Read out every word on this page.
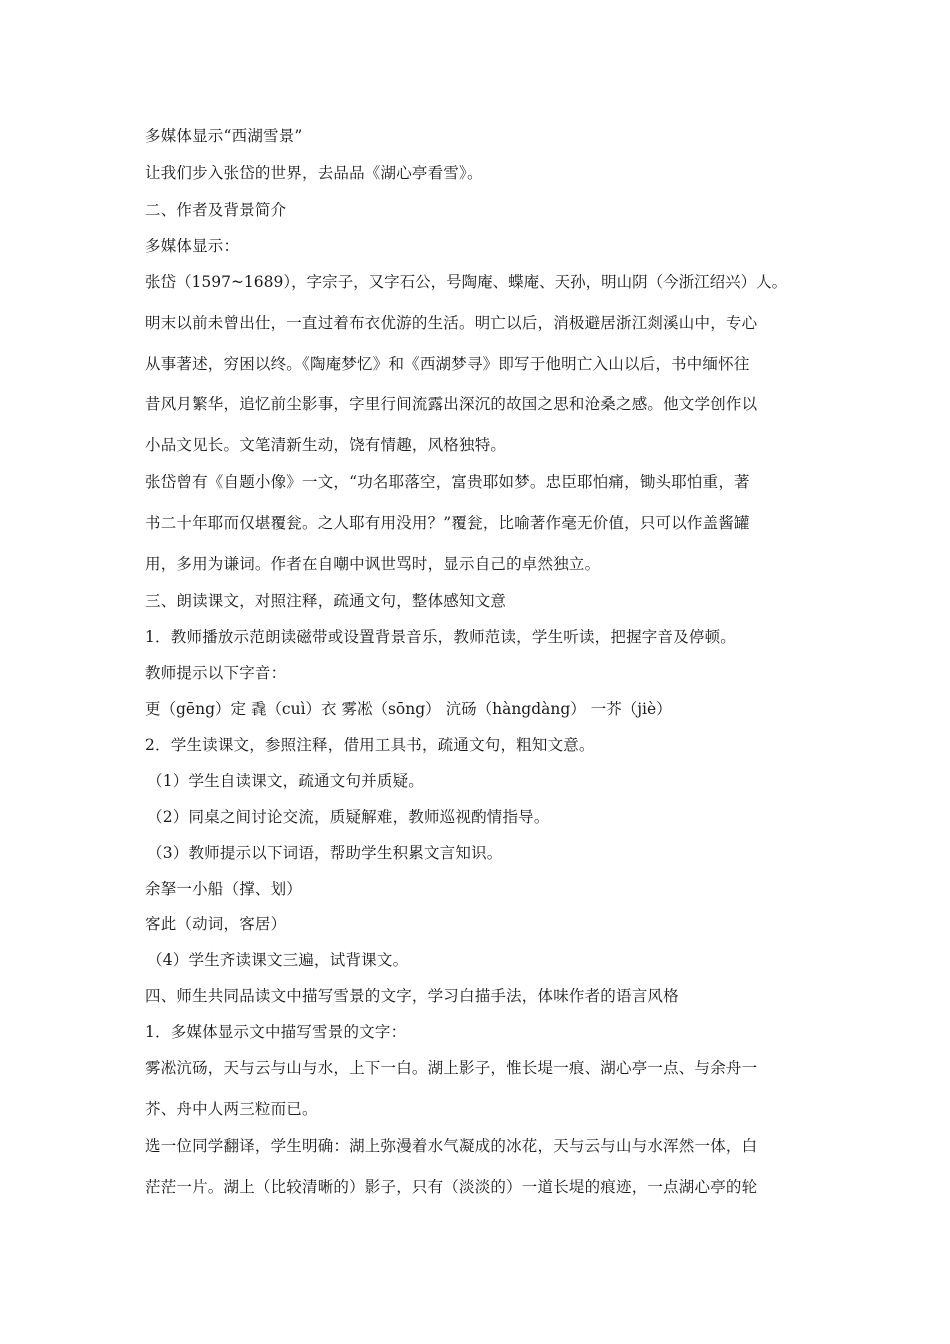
多媒体显示“西湖雪景”
让我们步入张岱的世界，去品品《湖心亭看雪》。
二、作者及背景简介
多媒体显示：
张岱（1597~1689），字宗子，又字石公，号陶庵、蝶庵、天孙，明山阴（今浙江绍兴）人。
明末以前未曾出仕，一直过着布衣优游的生活。明亡以后，消极避居浙江剡溪山中，专心
从事著述，穷困以终。《陶庵梦忆》和《西湖梦寻》即写于他明亡入山以后，书中缅怀往
昔风月繁华，追忆前尘影事，字里行间流露出深沉的故国之思和沧桑之感。他文学创作以
小品文见长。文笔清新生动，饶有情趣，风格独特。
张岱曾有《自题小像》一文，“功名耶落空，富贵耶如梦。忠臣耶怕痛，锄头耶怕重，著
书二十年耶而仅堪覆瓮。之人耶有用没用？”覆瓮，比喻著作毫无价值，只可以作盖酱罐
用，多用为谦词。作者在自嘲中讽世骂时，显示自己的卓然独立。
三、朗读课文，对照注释，疏通文句，整体感知文意
1．教师播放示范朗读磁带或设置背景音乐，教师范读，学生听读，把握字音及停顿。
教师提示以下字音：
更（gēng）定 毳（cuì）衣 雾凇（sōng） 沆砀（hàngdàng） 一芥（jiè）
2．学生读课文，参照注释，借用工具书，疏通文句，粗知文意。
（1）学生自读课文，疏通文句并质疑。
（2）同桌之间讨论交流，质疑解难，教师巡视酌情指导。
（3）教师提示以下词语，帮助学生积累文言知识。
余拏一小船（撑、划）
客此（动词，客居）
（4）学生齐读课文三遍，试背课文。
四、师生共同品读文中描写雪景的文字，学习白描手法，体味作者的语言风格
1．多媒体显示文中描写雪景的文字：
雾凇沆砀，天与云与山与水，上下一白。湖上影子，惟长堤一痕、湖心亭一点、与余舟一
芥、舟中人两三粒而已。
选一位同学翻译，学生明确：湖上弥漫着水气凝成的冰花，天与云与山与水浑然一体，白
茫茫一片。湖上（比较清晰的）影子，只有（淡淡的）一道长堤的痕迹，一点湖心亭的轮
